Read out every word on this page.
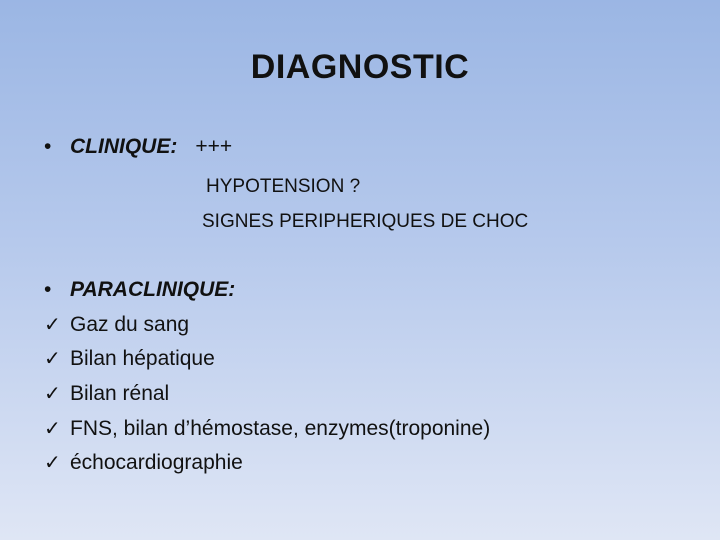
DIAGNOSTIC
• CLINIQUE: +++
HYPOTENSION ?
SIGNES PERIPHERIQUES DE CHOC
• PARACLINIQUE:
✓ Gaz du sang
✓ Bilan hépatique
✓ Bilan rénal
✓ FNS, bilan d’hémostase, enzymes(troponine)
✓ échocardiographie
